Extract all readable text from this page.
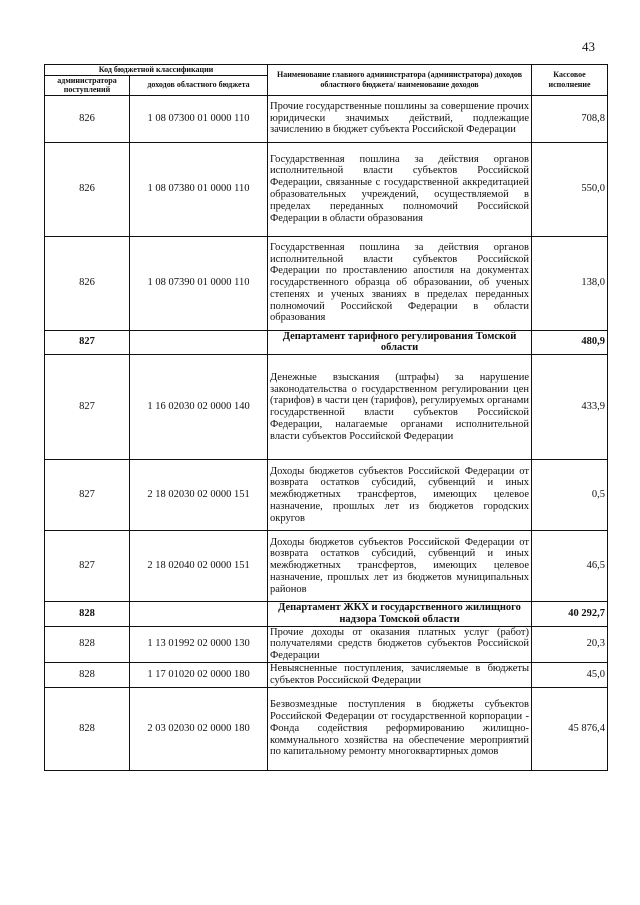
43
Код бюджетной классификации		Наименование главного администратора (администратора) доходов областного бюджета/ наименование доходов	Кассовое исполнение
администратора поступлений	доходов областного бюджета		
826	1 08 07300 01 0000 110	Прочие государственные пошлины за совершение прочих юридически значимых действий, подлежащие зачислению в бюджет субъекта Российской Федерации	708,8
826	1 08 07380 01 0000 110	Государственная пошлина за действия органов исполнительной власти субъектов Российской Федерации, связанные с государственной аккредитацией образовательных учреждений, осуществляемой в пределах переданных полномочий Российской Федерации в области образования	550,0
826	1 08 07390 01 0000 110	Государственная пошлина за действия органов исполнительной власти субъектов Российской Федерации по проставлению апостиля на документах государственного образца об образовании, об ученых степенях и ученых званиях в пределах переданных полномочий Российской Федерации в области образования	138,0
827		Департамент тарифного регулирования Томской области	480,9
827	1 16 02030 02 0000 140	Денежные взыскания (штрафы) за нарушение законодательства о государственном регулировании цен (тарифов) в части цен (тарифов), регулируемых органами государственной власти субъектов Российской Федерации, налагаемые органами исполнительной власти субъектов Российской Федерации	433,9
827	2 18 02030 02 0000 151	Доходы бюджетов субъектов Российской Федерации от возврата остатков субсидий, субвенций и иных межбюджетных трансфертов, имеющих целевое назначение, прошлых лет из бюджетов городских округов	0,5
827	2 18 02040 02 0000 151	Доходы бюджетов субъектов Российской Федерации от возврата остатков субсидий, субвенций и иных межбюджетных трансфертов, имеющих целевое назначение, прошлых лет из бюджетов муниципальных районов	46,5
828		Департамент ЖКХ и государственного жилищного надзора Томской области	40 292,7
828	1 13 01992 02 0000 130	Прочие доходы от оказания платных услуг (работ) получателями средств бюджетов субъектов Российской Федерации	20,3
828	1 17 01020 02 0000 180	Невыясненные поступления, зачисляемые в бюджеты субъектов Российской Федерации	45,0
828	2 03 02030 02 0000 180	Безвозмездные поступления в бюджеты субъектов Российской Федерации от государственной корпорации - Фонда содействия реформированию жилищно-коммунального хозяйства на обеспечение мероприятий по капитальному ремонту многоквартирных домов	45 876,4
